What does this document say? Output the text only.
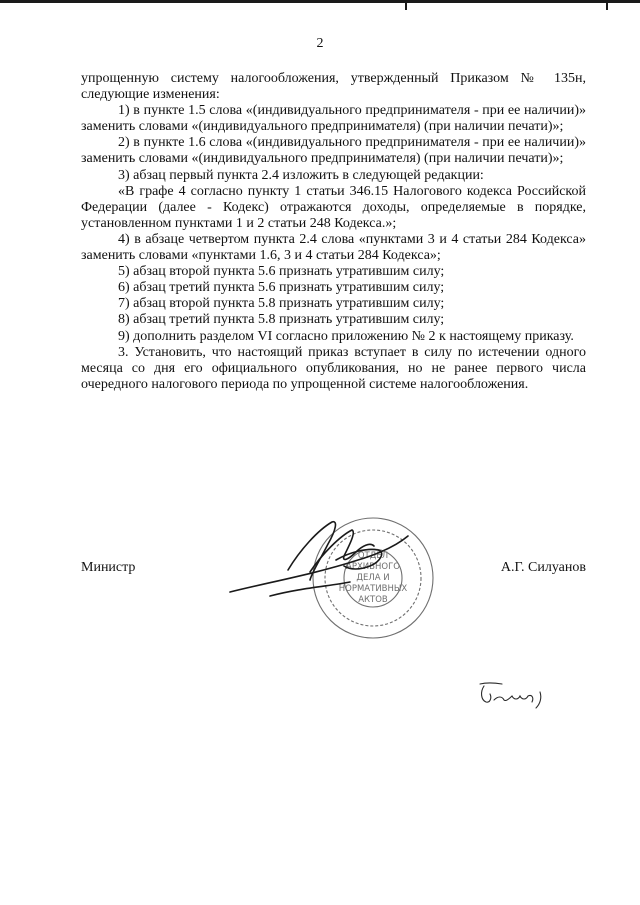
2

упрощенную систему налогообложения, утвержденный Приказом № 135н, следующие изменения:

1) в пункте 1.5 слова «(индивидуального предпринимателя - при ее наличии)» заменить словами «(индивидуального предпринимателя) (при наличии печати)»;

2) в пункте 1.6 слова «(индивидуального предпринимателя - при ее наличии)» заменить словами «(индивидуального предпринимателя) (при наличии печати)»;

3) абзац первый пункта 2.4 изложить в следующей редакции:

«В графе 4 согласно пункту 1 статьи 346.15 Налогового кодекса Российской Федерации (далее - Кодекс) отражаются доходы, определяемые в порядке, установленном пунктами 1 и 2 статьи 248 Кодекса.»;

4) в абзаце четвертом пункта 2.4 слова «пунктами 3 и 4 статьи 284 Кодекса» заменить словами «пунктами 1.6, 3 и 4 статьи 284 Кодекса»;

5) абзац второй пункта 5.6 признать утратившим силу;

6) абзац третий пункта 5.6 признать утратившим силу;

7) абзац второй пункта 5.8 признать утратившим силу;

8) абзац третий пункта 5.8 признать утратившим силу;

9) дополнить разделом VI согласно приложению № 2 к настоящему приказу.

3. Установить, что настоящий приказ вступает в силу по истечении одного месяца со дня его официального опубликования, но не ранее первого числа очередного налогового периода по упрощенной системе налогообложения.

ОТДЕЛ
АРХИВНОГО
ДЕЛА И
НОРМАТИВНЫХ
АКТОВ
Министр	А.Г. Силуанов
